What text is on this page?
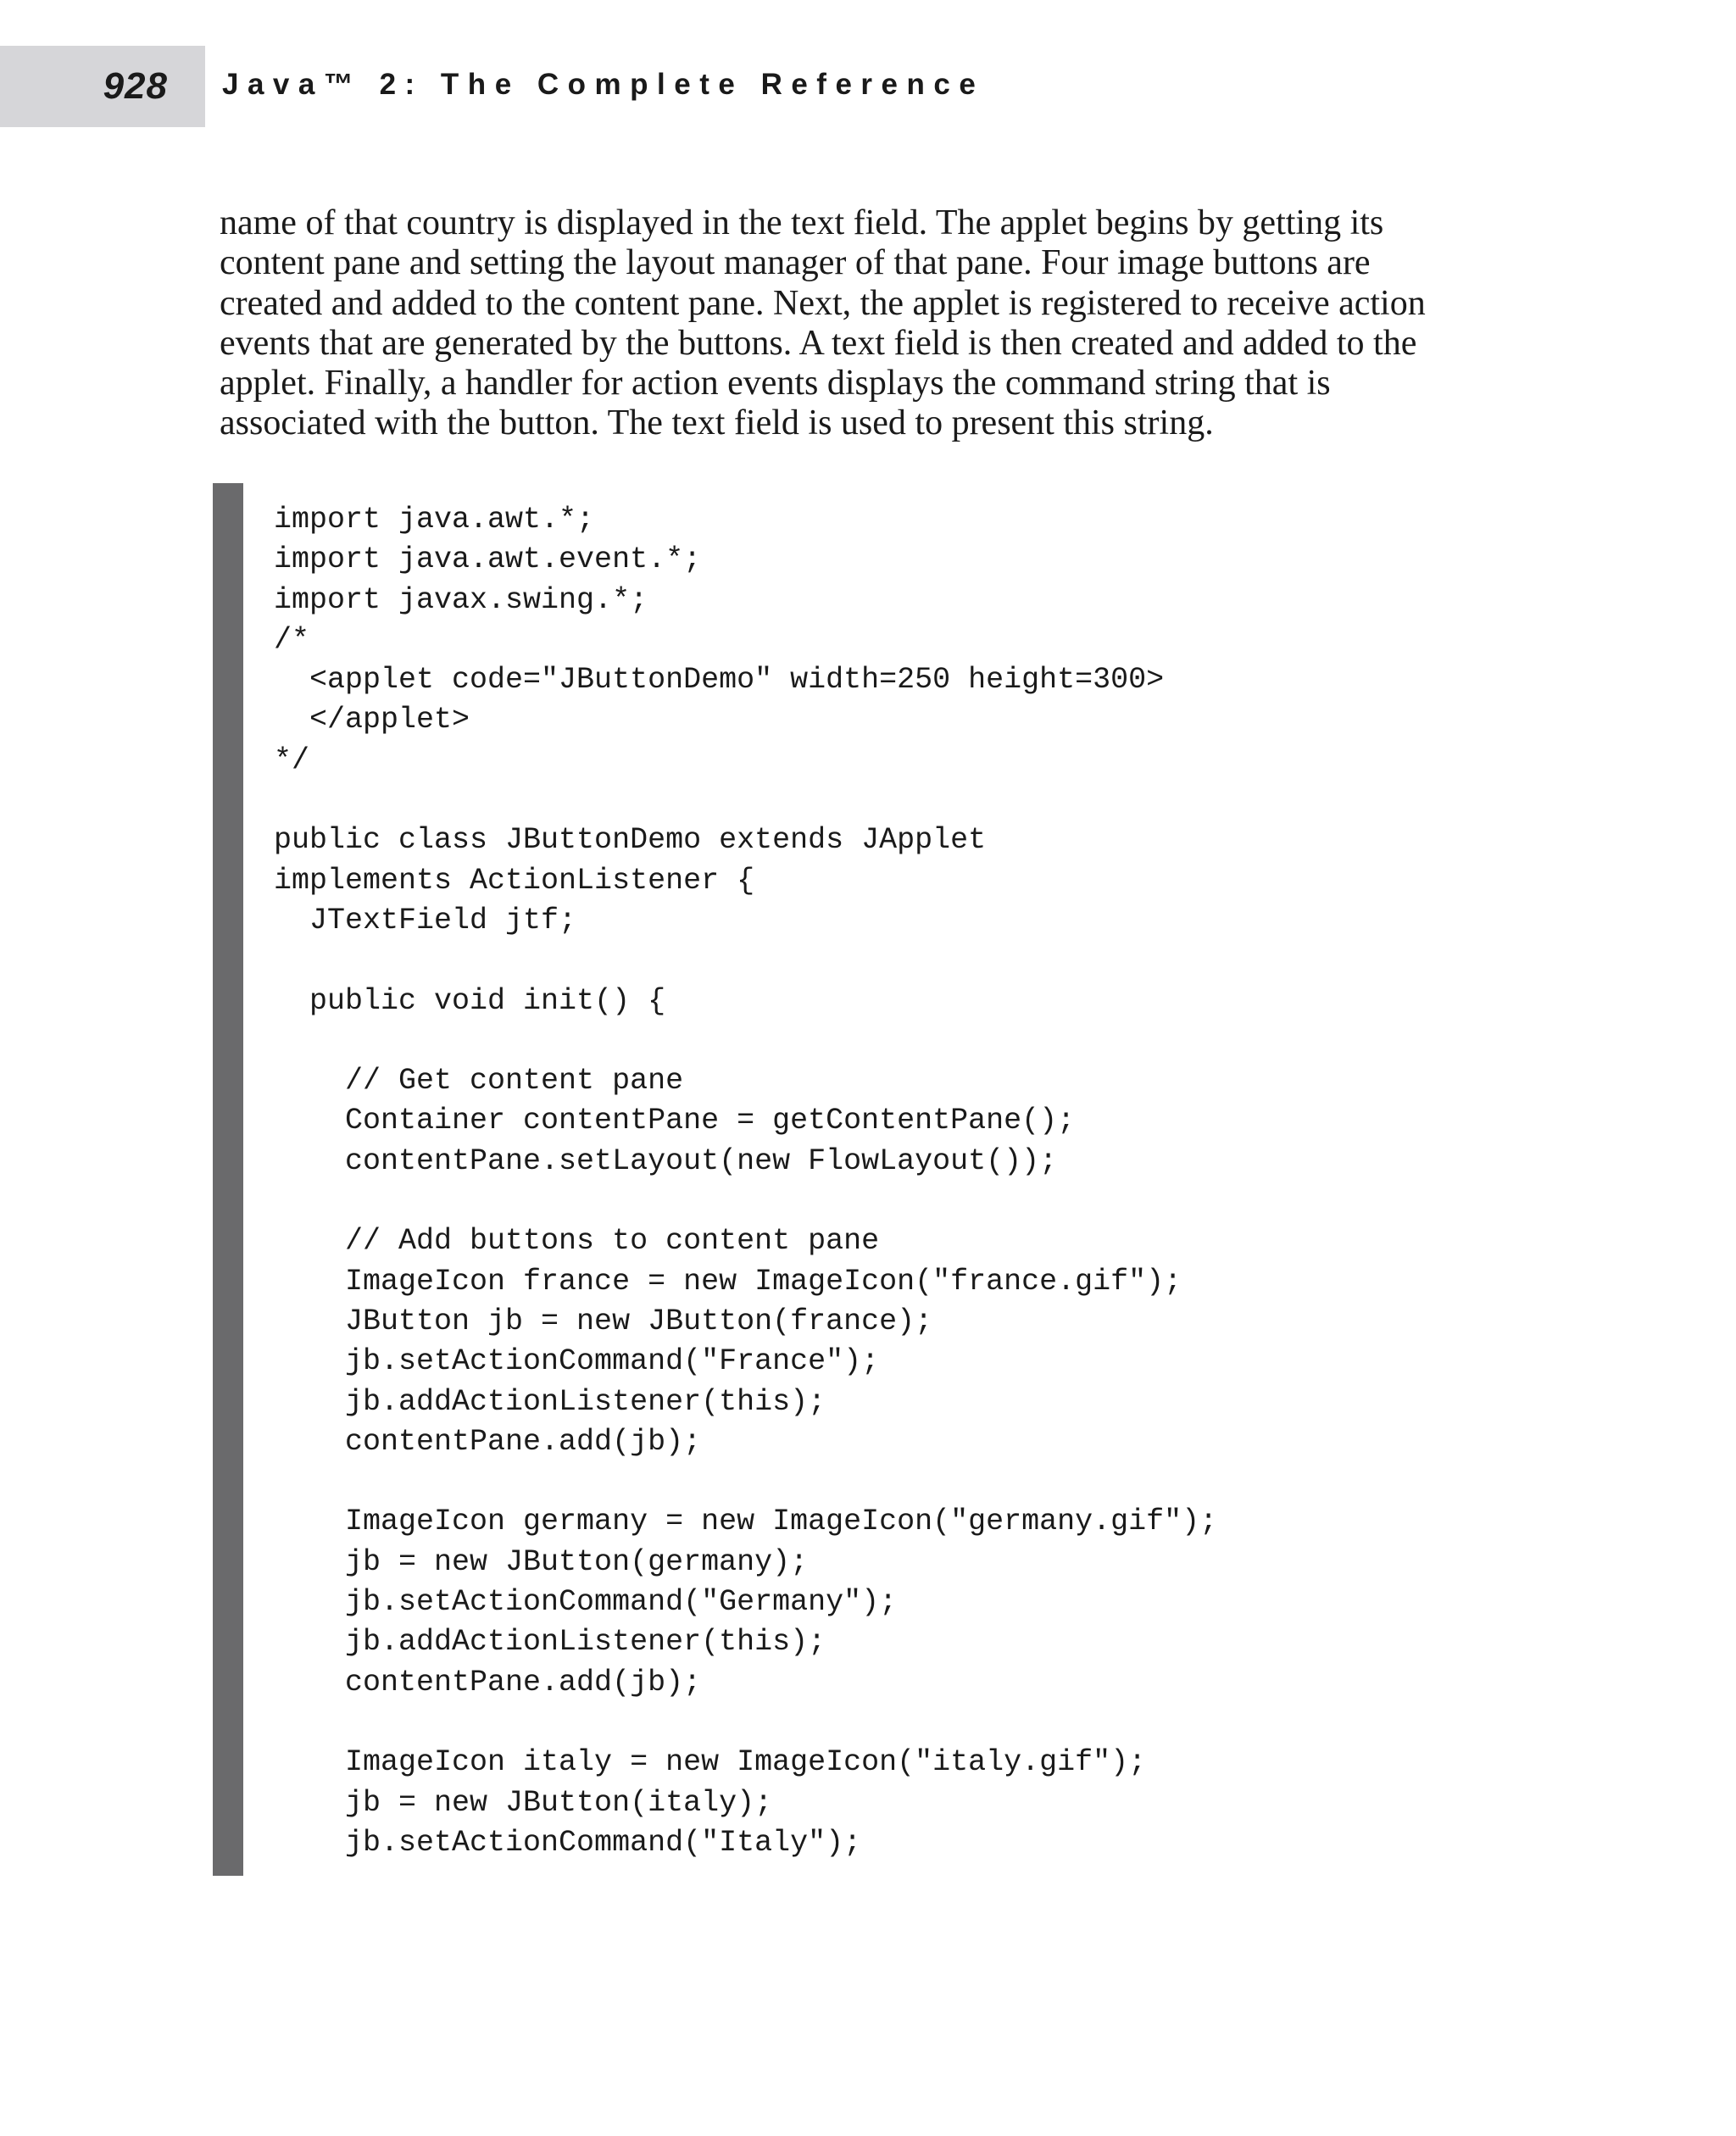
928 Java™ 2: The Complete Reference

name of that country is displayed in the text field. The applet begins by getting its
content pane and setting the layout manager of that pane. Four image buttons are
created and added to the content pane. Next, the applet is registered to receive action
events that are generated by the buttons. A text field is then created and added to the
applet. Finally, a handler for action events displays the command string that is
associated with the button. The text field is used to present this string.

import java.awt.*;
import java.awt.event.*;
import javax.swing.*;
/*
<applet code="JButtonDemo" width=250 height=300>
</applet>
*/
public class JButtonDemo extends JApplet
implements ActionListener {
JTextField jtf;
public void init() {
// Get content pane
Container contentPane = getContentPane();
contentPane.setLayout(new FlowLayout());
// Add buttons to content pane
ImageIcon france = new ImageIcon("france.gif");
JButton jb = new JButton(france);
jb.setActionCommand("France");
jb.addActionListener(this);
contentPane.add(jb);
ImageIcon germany = new ImageIcon("germany.gif");
jb = new JButton(germany);
jb.setActionCommand("Germany");
jb.addActionListener(this);
contentPane.add(jb);
ImageIcon italy = new ImageIcon("italy.gif");
jb = new JButton(italy);
jb.setActionCommand("Italy");
